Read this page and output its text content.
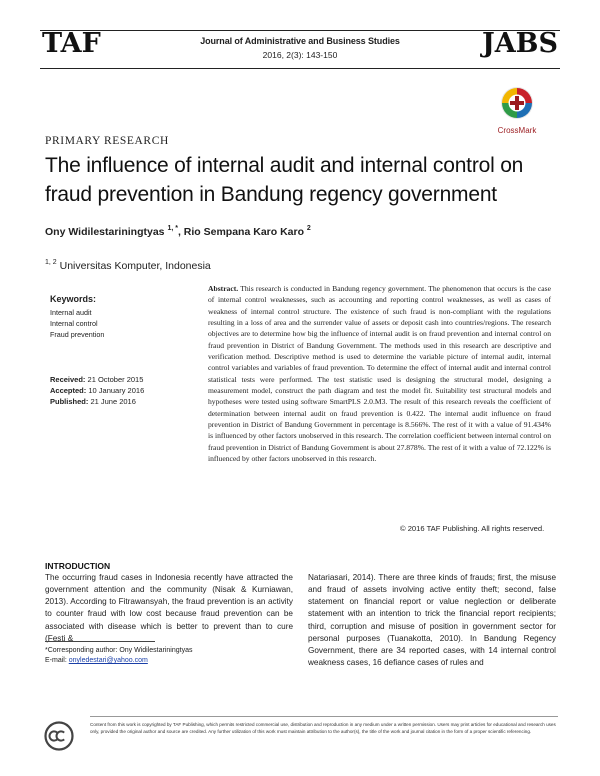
TAF	JABS
Journal of Administrative and Business Studies
2016, 2(3): 143-150
CrossMark
PRIMARY RESEARCH
The influence of internal audit and internal control on fraud prevention in Bandung regency government
Ony Widilestariningtyas $^{1, *}$, Rio Sempana Karo Karo $^2$
$^{1, 2}$ Universitas Komputer, Indonesia
Keywords:
Internal audit
Internal control
Fraud prevention
Received: 21 October 2015
Accepted: 10 January 2016
Published: 21 June 2016
Abstract. This research is conducted in Bandung regency government. The phenomenon that occurs is the case of internal control weaknesses, such as accounting and reporting control weaknesses, as well as cases of weakness of internal control structure. The existence of such fraud is non-compliant with the regulations resulting in a loss of area and the surrender value of assets or deposit cash into countries/regions. The research objectives are to determine how big the influence of internal audit is on fraud prevention and internal control on fraud prevention in District of Bandung Government. The methods used in this research are descriptive and verification method. Descriptive method is used to determine the variable picture of internal audit, internal control variables and variables of fraud prevention. To determine the effect of internal audit and internal control statistical tests were performed. The test statistic used is designing the structural model, designing a measurement model, construct the path diagram and test the model fit. Suitability test structural models and hypotheses were tested using software SmartPLS 2.0.M3. The result of this research reveals the coefficient of determination between internal audit on fraud prevention is 0.422. The internal audit influence on fraud prevention in District of Bandung Government in percentage is 8.566%. The rest of it with a value of 91.434% is influenced by other factors unobserved in this research. The correlation coefficient between internal control on fraud prevention in District of Bandung Government is about 27.878%. The rest of it with a value of 72.122% is influenced by other factors unobserved in this research.
© 2016 TAF Publishing. All rights reserved.
INTRODUCTION
The occurring fraud cases in Indonesia recently have attracted the government attention and the community (Nisak & Kurniawan, 2013). According to Fitrawansyah, the fraud prevention is an activity to counter fraud with low cost because fraud prevention can be associated with disease which is better to prevent than to cure (Festi &
Natariasari, 2014). There are three kinds of frauds; first, the misuse and fraud of assets involving active entity theft; second, false statement on financial report or value neglection or deliberate statement with an intention to trick the financial report recipients; third, corruption and misuse of position in government sector for personal purposes (Tuanakotta, 2010). In Bandung Regency Government, there are 34 reported cases, with 14 internal control weakness cases, 16 defiance cases of rules and
*Corresponding author: Ony Widilestariningtyas
E-mail: onyledestari@yahoo.com
Content from this work is copyrighted by TAF Publishing, which permits restricted commercial use, distribution and reproduction in any medium under a written permission. Users may print articles for educational and research uses only, provided the original author and source are credited. Any further utilization of this work must maintain attribution to the author(s), the title of the work and journal citation in the form of a proper scientific referencing.
